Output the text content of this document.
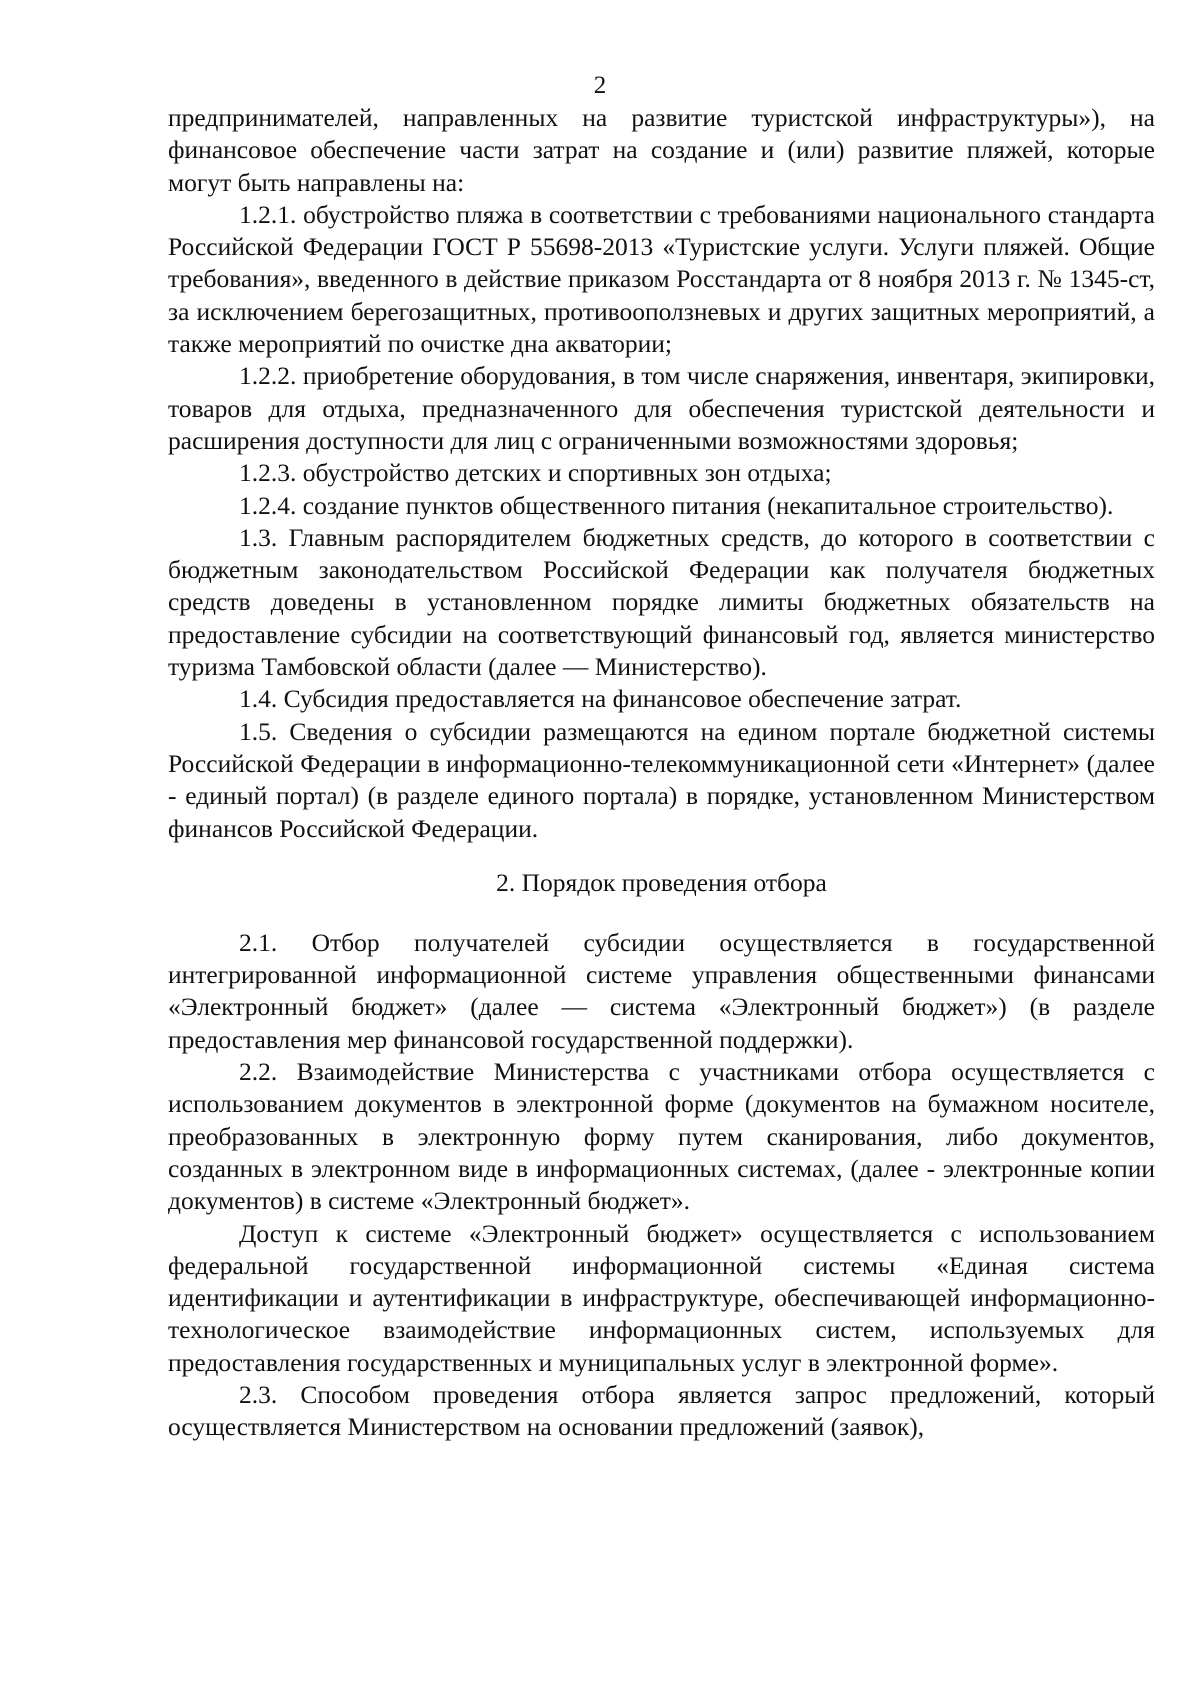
2

предпринимателей, направленных на развитие туристской инфраструктуры»), на финансовое обеспечение части затрат на создание и (или) развитие пляжей, которые могут быть направлены на:

1.2.1. обустройство пляжа в соответствии с требованиями национального стандарта Российской Федерации ГОСТ Р 55698-2013 «Туристские услуги. Услуги пляжей. Общие требования», введенного в действие приказом Росстандарта от 8 ноября 2013 г. № 1345-ст, за исключением берегозащитных, противооползневых и других защитных мероприятий, а также мероприятий по очистке дна акватории;

1.2.2. приобретение оборудования, в том числе снаряжения, инвентаря, экипировки, товаров для отдыха, предназначенного для обеспечения туристской деятельности и расширения доступности для лиц с ограниченными возможностями здоровья;

1.2.3. обустройство детских и спортивных зон отдыха;

1.2.4. создание пунктов общественного питания (некапитальное строительство).

1.3. Главным распорядителем бюджетных средств, до которого в соответствии с бюджетным законодательством Российской Федерации как получателя бюджетных средств доведены в установленном порядке лимиты бюджетных обязательств на предоставление субсидии на соответствующий финансовый год, является министерство туризма Тамбовской области (далее — Министерство).

1.4. Субсидия предоставляется на финансовое обеспечение затрат.

1.5. Сведения о субсидии размещаются на едином портале бюджетной системы Российской Федерации в информационно-телекоммуникационной сети «Интернет» (далее - единый портал) (в разделе единого портала) в порядке, установленном Министерством финансов Российской Федерации.

2. Порядок проведения отбора

2.1. Отбор получателей субсидии осуществляется в государственной интегрированной информационной системе управления общественными финансами «Электронный бюджет» (далее — система «Электронный бюджет») (в разделе предоставления мер финансовой государственной поддержки).

2.2. Взаимодействие Министерства с участниками отбора осуществляется с использованием документов в электронной форме (документов на бумажном носителе, преобразованных в электронную форму путем сканирования, либо документов, созданных в электронном виде в информационных системах, (далее - электронные копии документов) в системе «Электронный бюджет».

Доступ к системе «Электронный бюджет» осуществляется с использованием федеральной государственной информационной системы «Единая система идентификации и аутентификации в инфраструктуре, обеспечивающей информационно-технологическое взаимодействие информационных систем, используемых для предоставления государственных и муниципальных услуг в электронной форме».

2.3. Способом проведения отбора является запрос предложений, который осуществляется Министерством на основании предложений (заявок),
